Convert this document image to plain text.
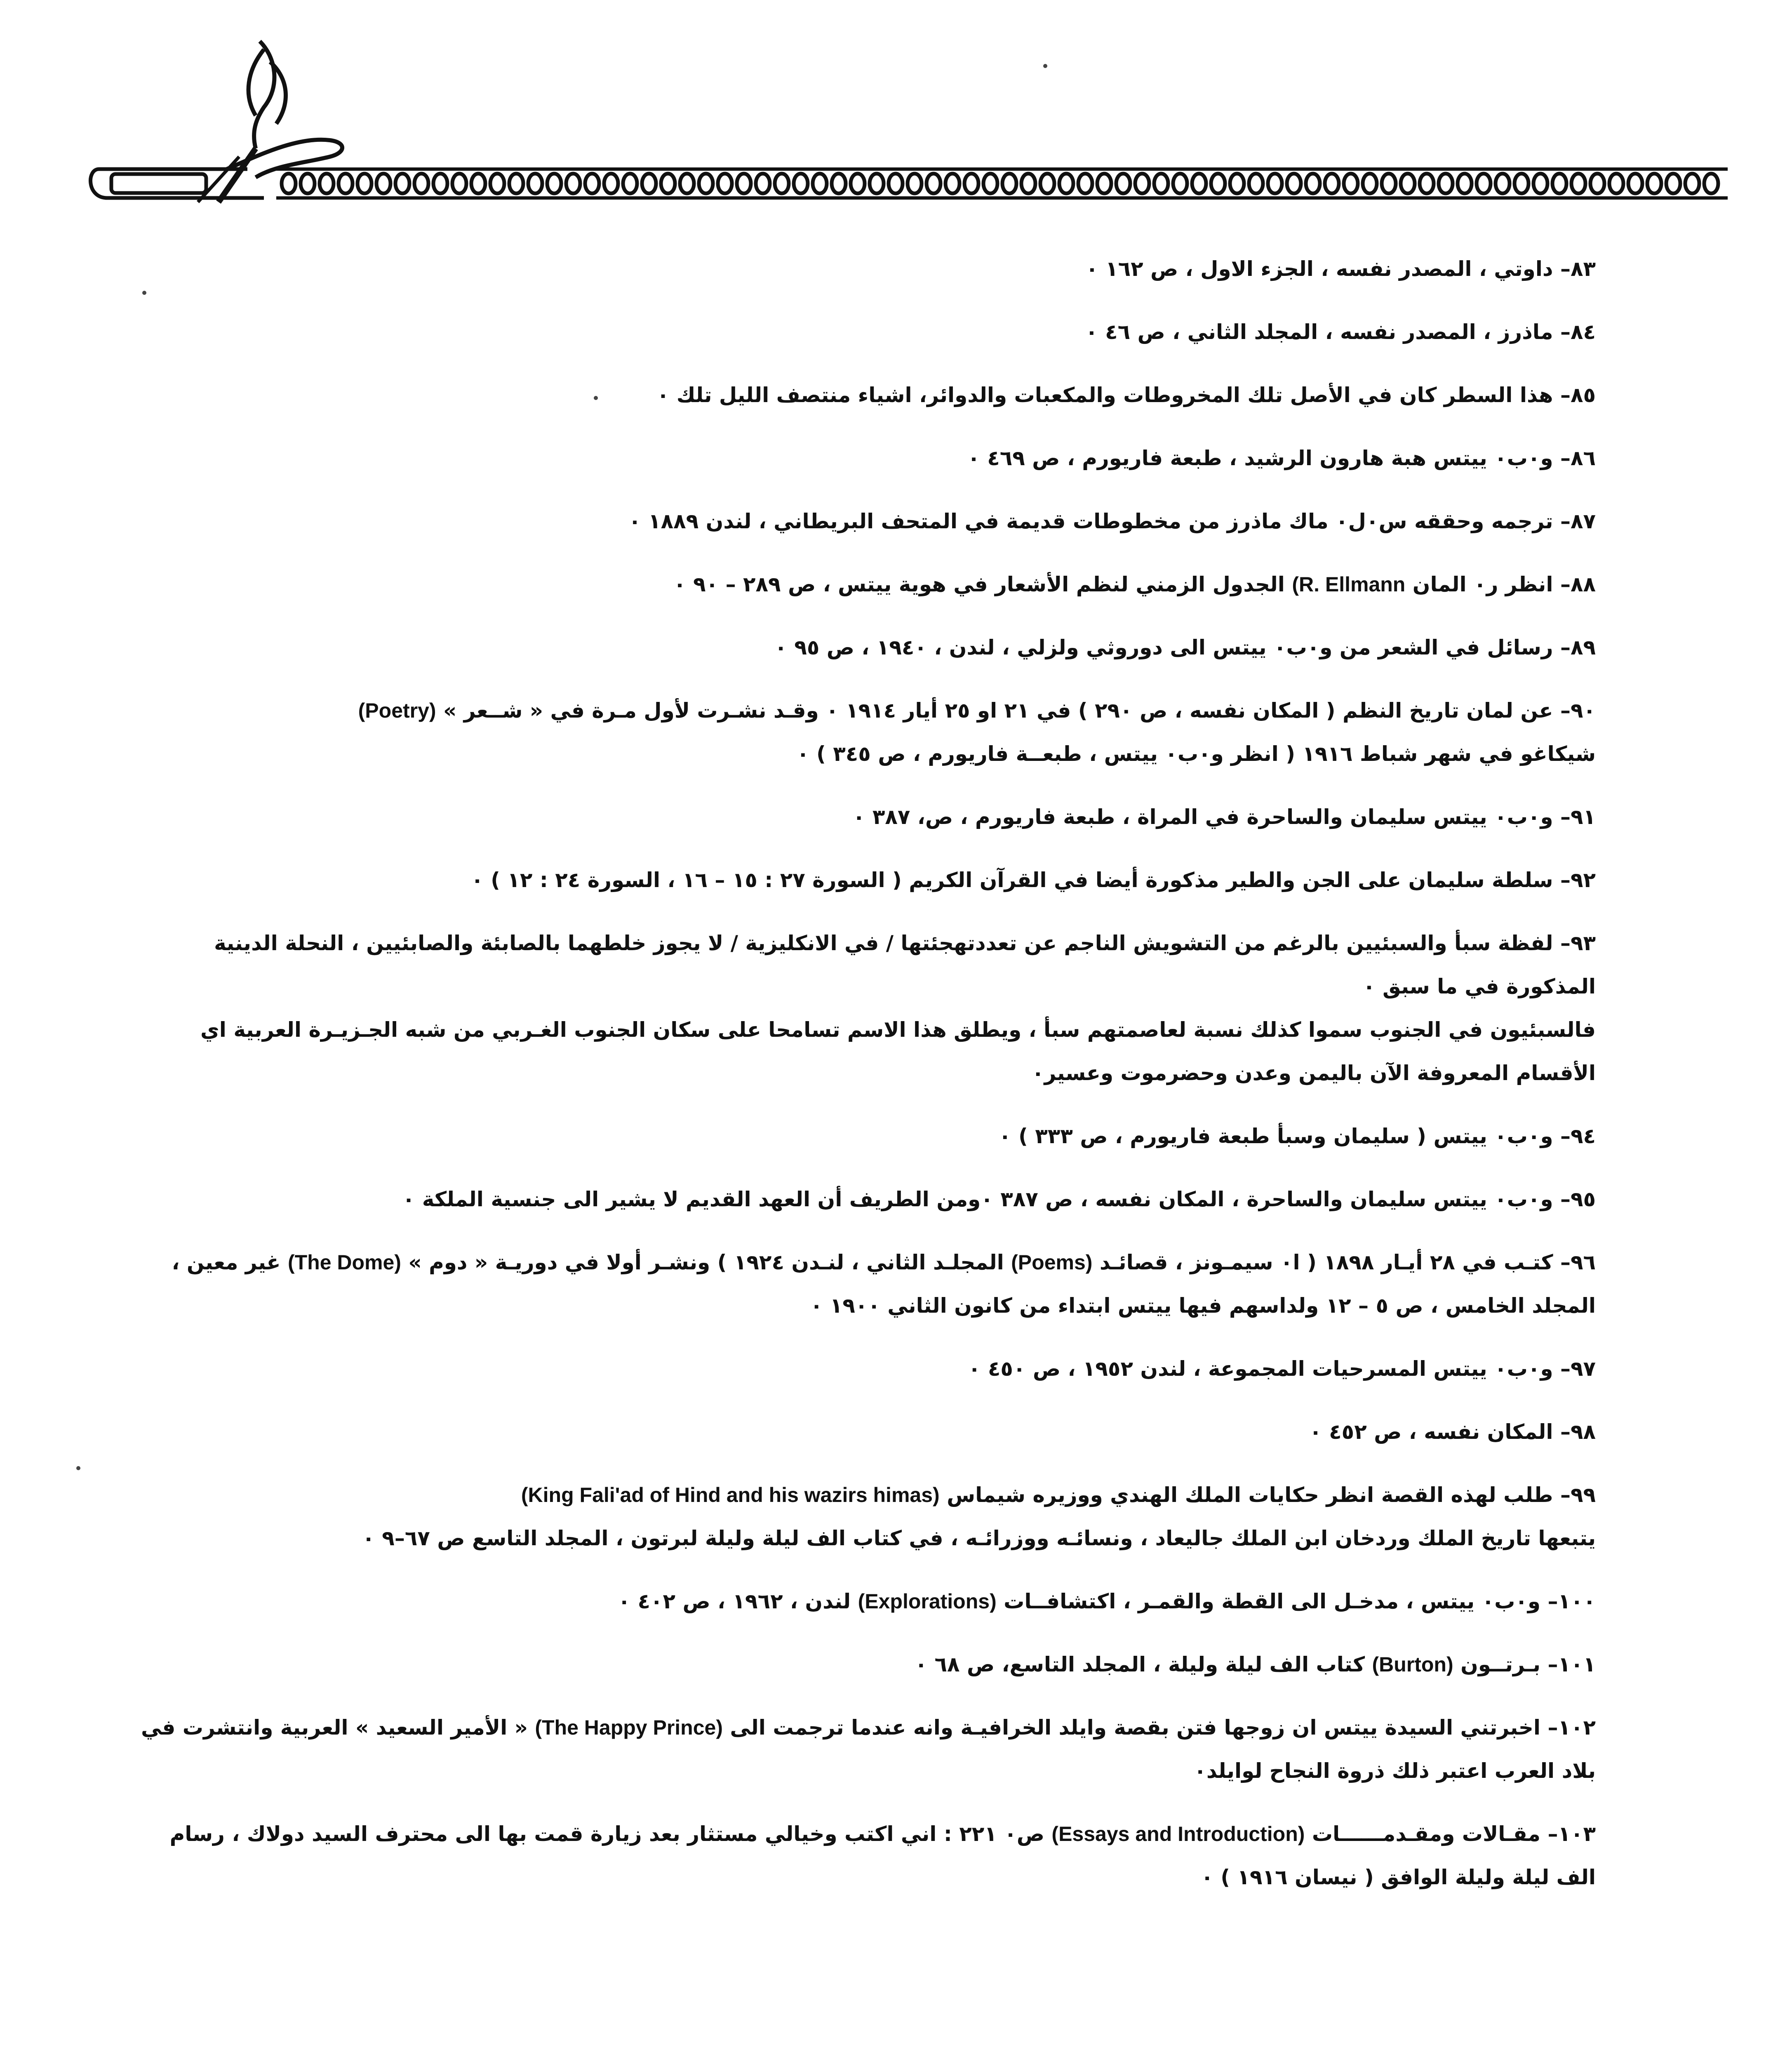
٨٣– داوتي ، المصدر نفسه ، الجزء الاول ، ص ١٦٢ ٠

٨٤– ماذرز ، المصدر نفسه ، المجلد الثاني ، ص ٤٦ ٠

٨٥– هذا السطر كان في الأصل تلك المخروطات والمكعبات والدوائر، اشياء منتصف الليل تلك ٠

٨٦– و٠ب٠ ييتس هبة هارون الرشيد ، طبعة فاريورم ، ص ٤٦٩ ٠

٨٧– ترجمه وحققه س٠ل٠ ماك ماذرز من مخطوطات قديمة في المتحف البريطاني ، لندن ١٨٨٩ ٠

٨٨– انظر ر٠ المان (R. Ellmann الجدول الزمني لنظم الأشعار في هوية ييتس ، ص ٢٨٩ – ٩٠ ٠

٨٩– رسائل في الشعر من و٠ب٠ ييتس الى دوروثي ولزلي ، لندن ، ١٩٤٠ ، ص ٩٥ ٠

٩٠– عن لمان تاريخ النظم ( المكان نفسه ، ص ٢٩٠ ) في ٢١ او ٢٥ أيار ١٩١٤ ٠ وقـد نشـرت لأول مـرة في « شــعر » (Poetry)
شيكاغو في شهر شباط ١٩١٦ ( انظر و٠ب٠ ييتس ، طبعــة فاريورم ، ص ٣٤٥ ) ٠

٩١– و٠ب٠ ييتس سليمان والساحرة في المراة ، طبعة فاريورم ، ص، ٣٨٧ ٠

٩٢– سلطة سليمان على الجن والطير مذكورة أيضا في القرآن الكريم ( السورة ٢٧ : ١٥ – ١٦ ، السورة ٢٤ : ١٢ ) ٠

٩٣– لفظة سبأ والسبئيين بالرغم من التشويش الناجم عن تعددتهجئتها / في الانكليزية / لا يجوز خلطهما بالصابئة والصابئيين ، النحلة الدينية المذكورة في ما سبق ٠
فالسبئيون في الجنوب سموا كذلك نسبة لعاصمتهم سبأ ، ويطلق هذا الاسم تسامحا على سكان الجنوب الغـربي من شبه الجـزيـرة العربية اي الأقسام المعروفة الآن باليمن وعدن وحضرموت وعسير٠

٩٤– و٠ب٠ ييتس ( سليمان وسبأ طبعة فاريورم ، ص ٣٣٣ ) ٠

٩٥– و٠ب٠ ييتس سليمان والساحرة ، المكان نفسه ، ص ٣٨٧ ٠ومن الطريف أن العهد القديم لا يشير الى جنسية الملكة ٠

٩٦– كتـب في ٢٨ أيـار ١٨٩٨ ( ا٠ سيمـونز ، قصائـد (Poems) المجلـد الثاني ، لنـدن ١٩٢٤ ) ونشـر أولا في دوريـة « دوم » (The Dome) غير معين ، المجلد الخامس ، ص ٥ – ١٢ ولداسهم فيها ييتس ابتداء من كانون الثاني ١٩٠٠ ٠

٩٧– و٠ب٠ ييتس المسرحيات المجموعة ، لندن ١٩٥٢ ، ص ٤٥٠ ٠

٩٨– المكان نفسه ، ص ٤٥٢ ٠

٩٩– طلب لهذه القصة انظر حكايات الملك الهندي ووزيره شيماس (King Fali'ad of Hind and his wazirs himas)
يتبعها تاريخ الملك وردخان ابن الملك جاليعاد ، ونسائـه ووزرائـه ، في كتاب الف ليلة وليلة لبرتون ، المجلد التاسع ص ٦٧–٩ ٠

١٠٠– و٠ب٠ ييتس ، مدخـل الى القطة والقمـر ، اكتشافــات (Explorations) لندن ، ١٩٦٢ ، ص ٤٠٢ ٠

١٠١– بـرتــون (Burton) كتاب الف ليلة وليلة ، المجلد التاسع، ص ٦٨ ٠

١٠٢– اخبرتني السيدة ييتس ان زوجها فتن بقصة وايلد الخرافيـة وانه عندما ترجمت الى (The Happy Prince) « الأمير السعيد » العربية وانتشرت في بلاد العرب اعتبر ذلك ذروة النجاح لوايلد٠

١٠٣– مقـالات ومقـدمــــــات (Essays and Introduction) ص٠ ٢٢١ : اني اكتب وخيالي مستثار بعد زيارة قمت بها الى محترف السيد دولاك ، رسام الف ليلة وليلة الوافق ( نيسان ١٩١٦ ) ٠
